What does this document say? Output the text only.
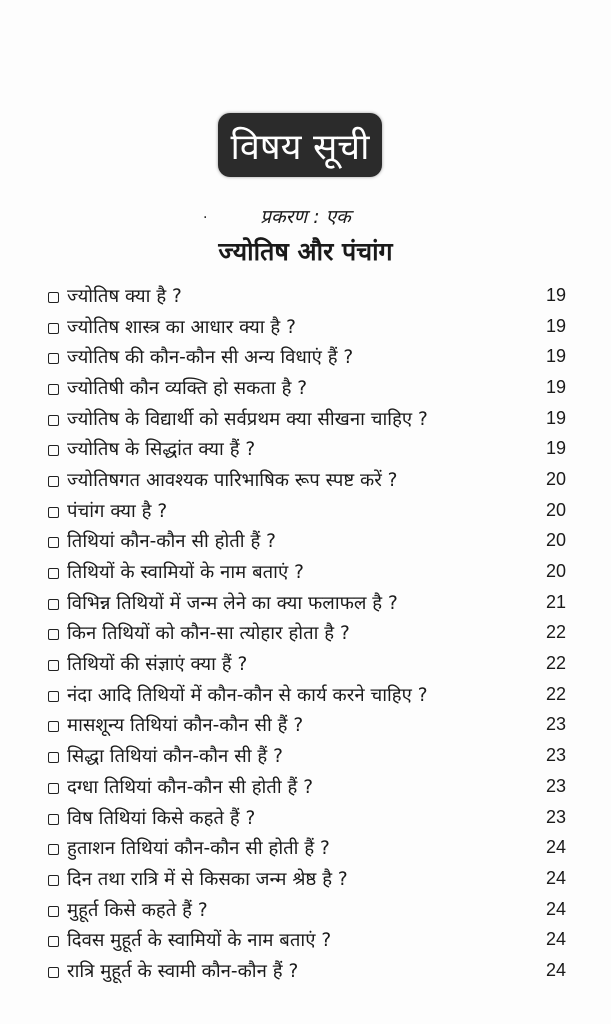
विषय सूची
·	प्रकरण : एक
ज्योतिष और पंचांग
ज्योतिष क्या है ?	19
ज्योतिष शास्त्र का आधार क्या है ?	19
ज्योतिष की कौन-कौन सी अन्य विधाएं हैं ?	19
ज्योतिषी कौन व्यक्ति हो सकता है ?	19
ज्योतिष के विद्यार्थी को सर्वप्रथम क्या सीखना चाहिए ?	19
ज्योतिष के सिद्धांत क्या हैं ?	19
ज्योतिषगत आवश्यक पारिभाषिक रूप स्पष्ट करें ?	20
पंचांग क्या है ?	20
तिथियां कौन-कौन सी होती हैं ?	20
तिथियों के स्वामियों के नाम बताएं ?	20
विभिन्न तिथियों में जन्म लेने का क्या फलाफल है ?	21
किन तिथियों को कौन-सा त्योहार होता है ?	22
तिथियों की संज्ञाएं क्या हैं ?	22
नंदा आदि तिथियों में कौन-कौन से कार्य करने चाहिए ?	22
मासशून्य तिथियां कौन-कौन सी हैं ?	23
सिद्धा तिथियां कौन-कौन सी हैं ?	23
दग्धा तिथियां कौन-कौन सी होती हैं ?	23
विष तिथियां किसे कहते हैं ?	23
हुताशन तिथियां कौन-कौन सी होती हैं ?	24
दिन तथा रात्रि में से किसका जन्म श्रेष्ठ है ?	24
मुहूर्त किसे कहते हैं ?	24
दिवस मुहूर्त के स्वामियों के नाम बताएं ?	24
रात्रि मुहूर्त के स्वामी कौन-कौन हैं ?	24
